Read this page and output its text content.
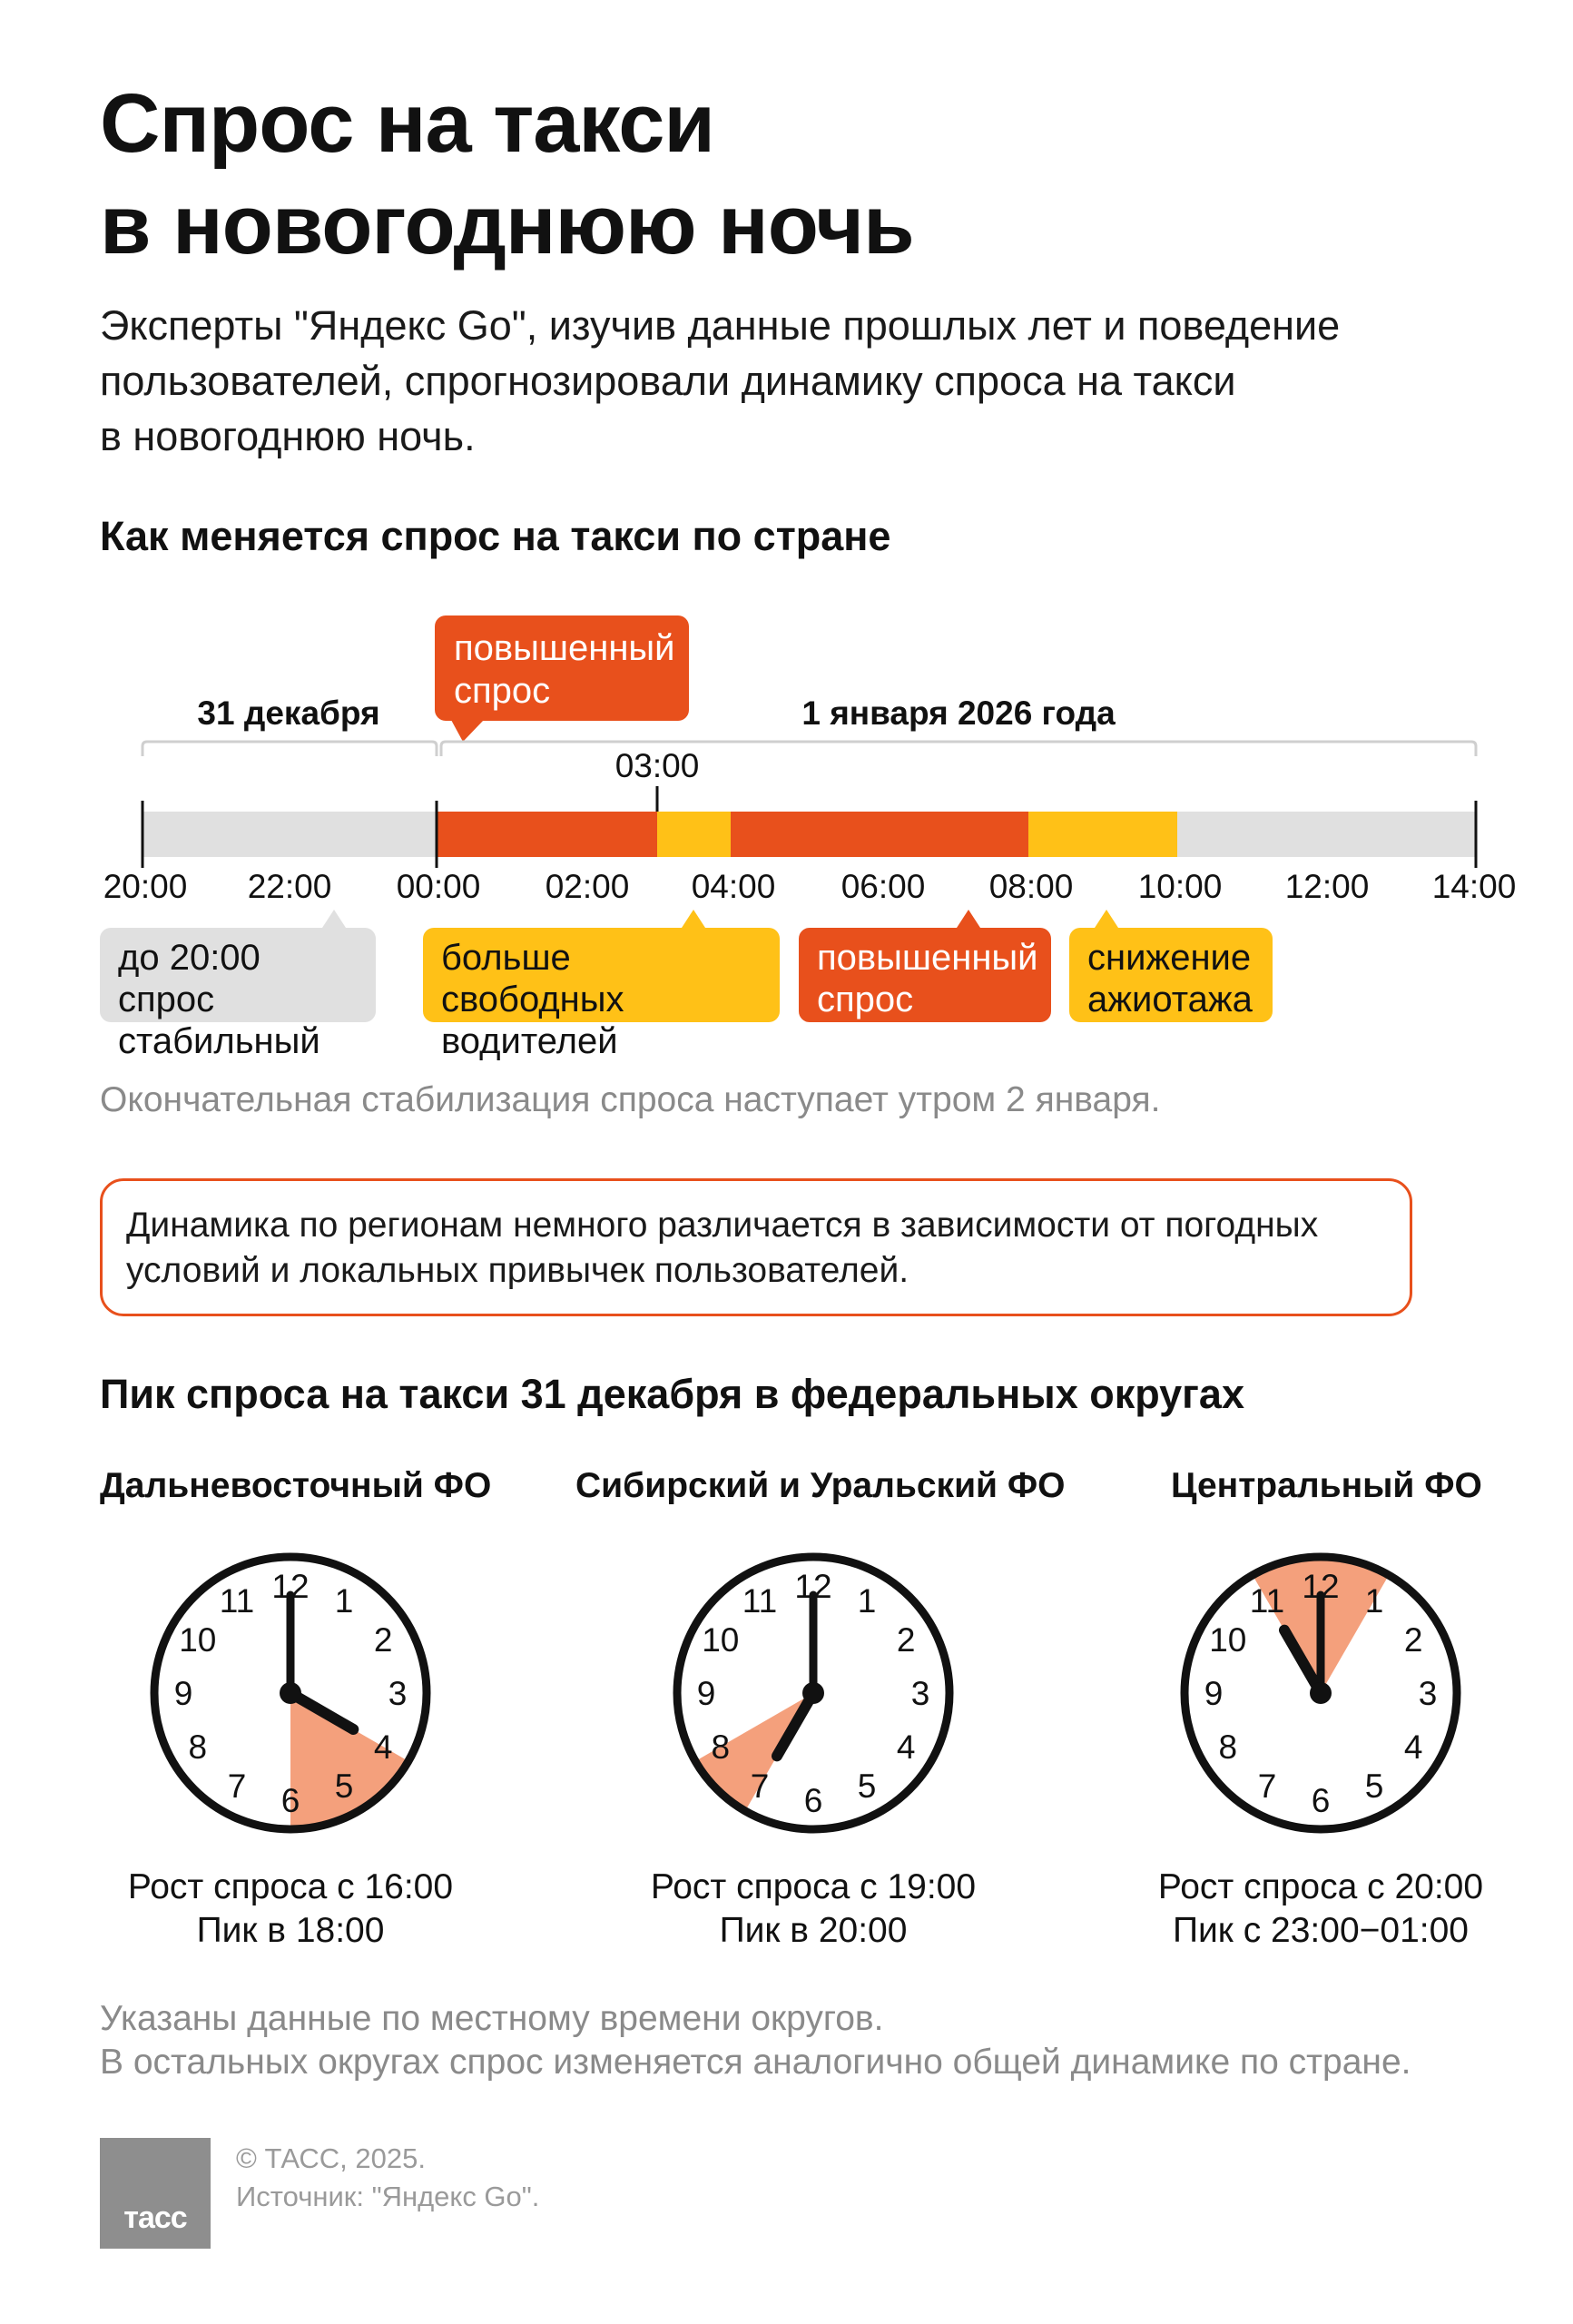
Спрос на такси
в новогоднюю ночь

Эксперты "Яндекс Go", изучив данные прошлых лет и поведение
пользователей, спрогнозировали динамику спроса на такси
в новогоднюю ночь.

Как меняется спрос на такси по стране
повышенный
спрос
31 декабря	1 января 2026 года
03:00
20:00 22:00 00:00 02:00 04:00 06:00 08:00 10:00 12:00 14:00
до 20:00 спрос
стабильный
больше свободных
водителей
повышенный
спрос
снижение
ажиотажа

Окончательная стабилизация спроса наступает утром 2 января.

Динамика по регионам немного различается в зависимости от погодных
условий и локальных привычек пользователей.
Пик спроса на такси 31 декабря в федеральных округах

Дальневосточный ФО Сибирский и Уральский ФО	Центральный ФО

12 1
2
3
4
5
6
7
8
9
10
11	12 1
2
3
4
5
6
7
8
9
10
11	12 1
2
3
4
5
6
7
8
9
10
11
Рост спроса с 16:00
Пик в 18:00
Рост спроса с 19:00
Пик в 20:00
Рост спроса с 20:00
Пик с 23:00−01:00

Указаны данные по местному времени округов.
В остальных округах спрос изменяется аналогично общей динамике по стране.

тасс

© ТАСС, 2025.
Источник: "Яндекс Go".
